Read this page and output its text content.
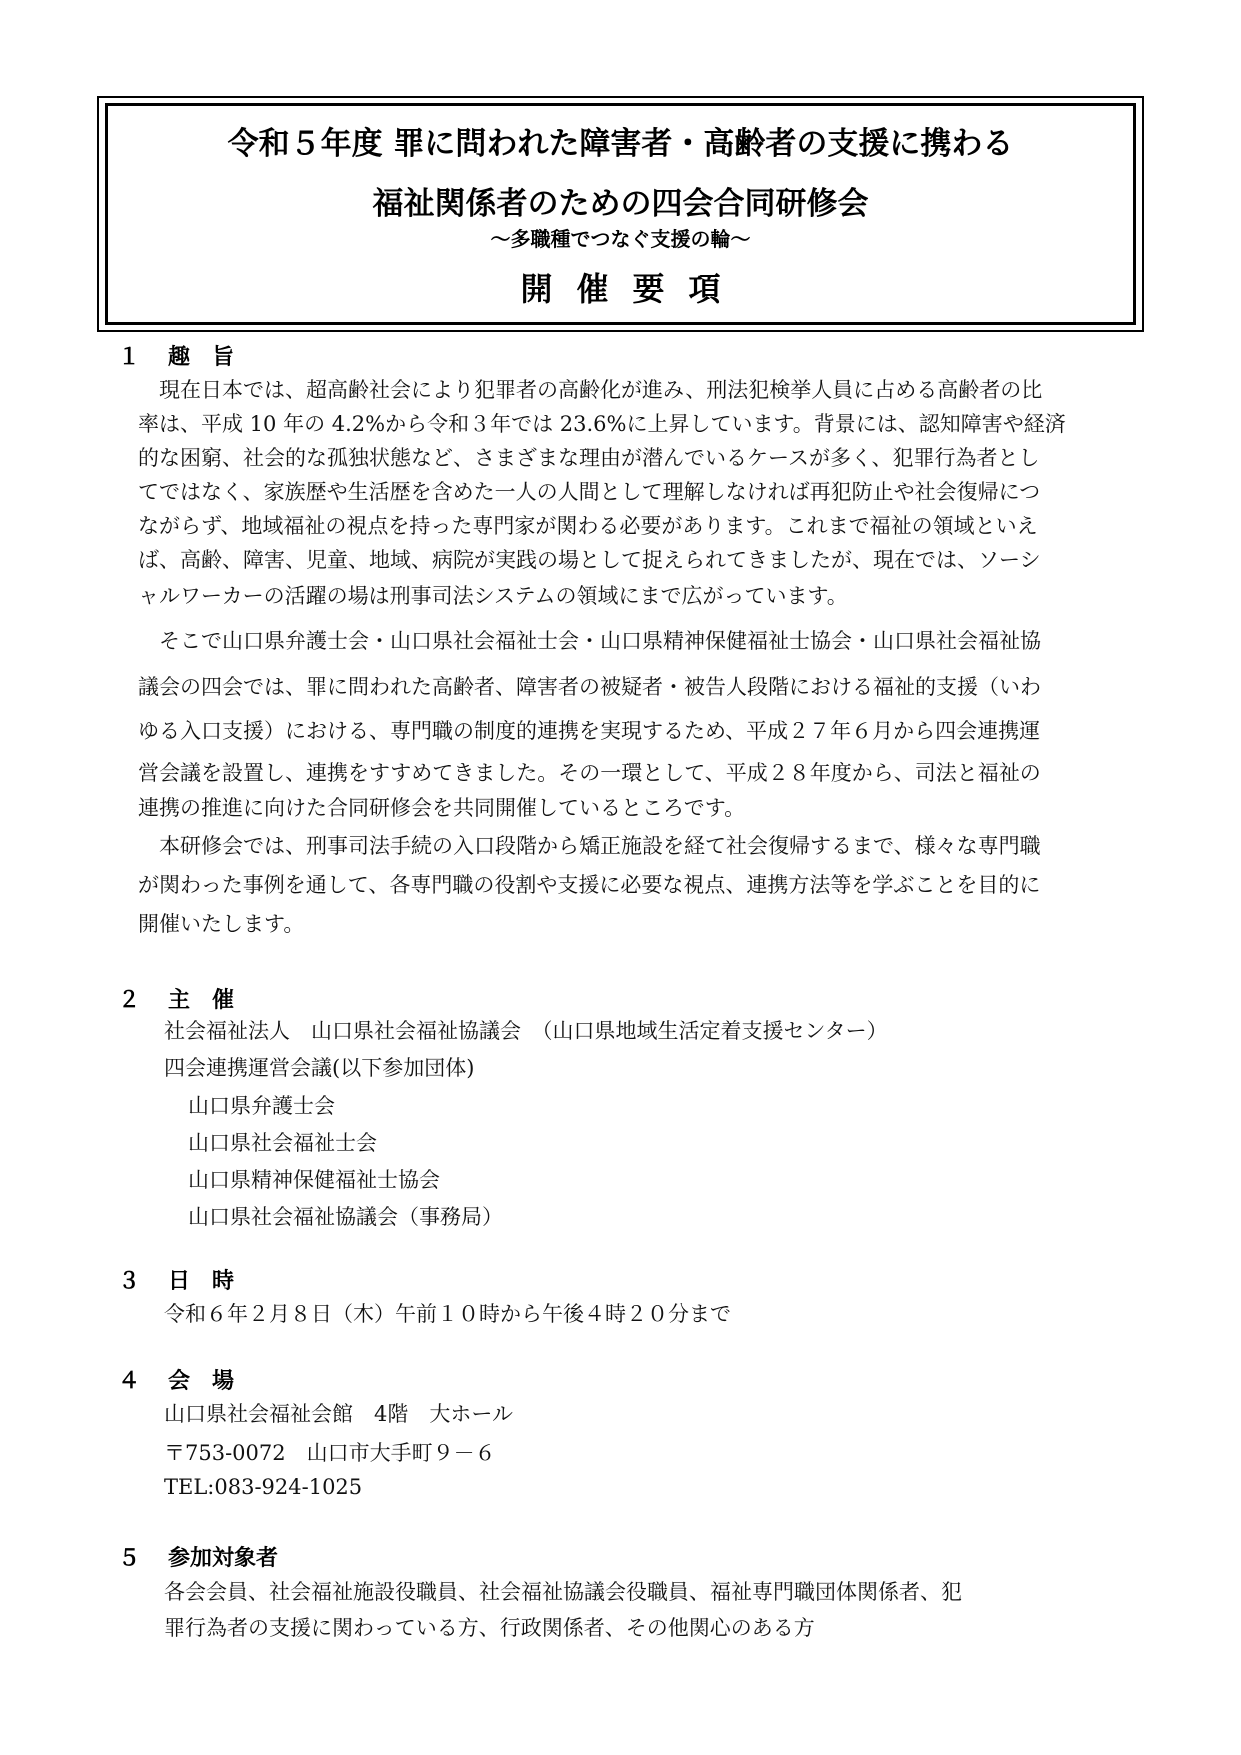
令和５年度 罪に問われた障害者・高齢者の支援に携わる
福祉関係者のための四会合同研修会
～多職種でつなぐ支援の輪～
開催要項
１ 趣　旨
　現在日本では、超高齢社会により犯罪者の高齢化が進み、刑法犯検挙人員に占める高齢者の比
率は、平成 10 年の 4.2%から令和３年では 23.6%に上昇しています。背景には、認知障害や経済
的な困窮、社会的な孤独状態など、さまざまな理由が潜んでいるケースが多く、犯罪行為者とし
てではなく、家族歴や生活歴を含めた一人の人間として理解しなければ再犯防止や社会復帰につ
ながらず、地域福祉の視点を持った専門家が関わる必要があります。これまで福祉の領域といえ
ば、高齢、障害、児童、地域、病院が実践の場として捉えられてきましたが、現在では、ソーシ
ャルワーカーの活躍の場は刑事司法システムの領域にまで広がっています。
　そこで山口県弁護士会・山口県社会福祉士会・山口県精神保健福祉士協会・山口県社会福祉協
議会の四会では、罪に問われた高齢者、障害者の被疑者・被告人段階における福祉的支援（いわ
ゆる入口支援）における、専門職の制度的連携を実現するため、平成２７年６月から四会連携運
営会議を設置し、連携をすすめてきました。その一環として、平成２８年度から、司法と福祉の
連携の推進に向けた合同研修会を共同開催しているところです。
　本研修会では、刑事司法手続の入口段階から矯正施設を経て社会復帰するまで、様々な専門職
が関わった事例を通して、各専門職の役割や支援に必要な視点、連携方法等を学ぶことを目的に
開催いたします。
２ 主　催
社会福祉法人　山口県社会福祉協議会　（山口県地域生活定着支援センター）
四会連携運営会議(以下参加団体)
山口県弁護士会
山口県社会福祉士会
山口県精神保健福祉士協会
山口県社会福祉協議会（事務局）
３ 日　時
令和６年２月８日（木）午前１０時から午後４時２０分まで
４ 会　場
山口県社会福祉会館　4階　大ホール
〒753-0072　山口市大手町９－６
TEL:083-924-1025
５ 参加対象者
各会会員、社会福祉施設役職員、社会福祉協議会役職員、福祉専門職団体関係者、犯
罪行為者の支援に関わっている方、行政関係者、その他関心のある方
